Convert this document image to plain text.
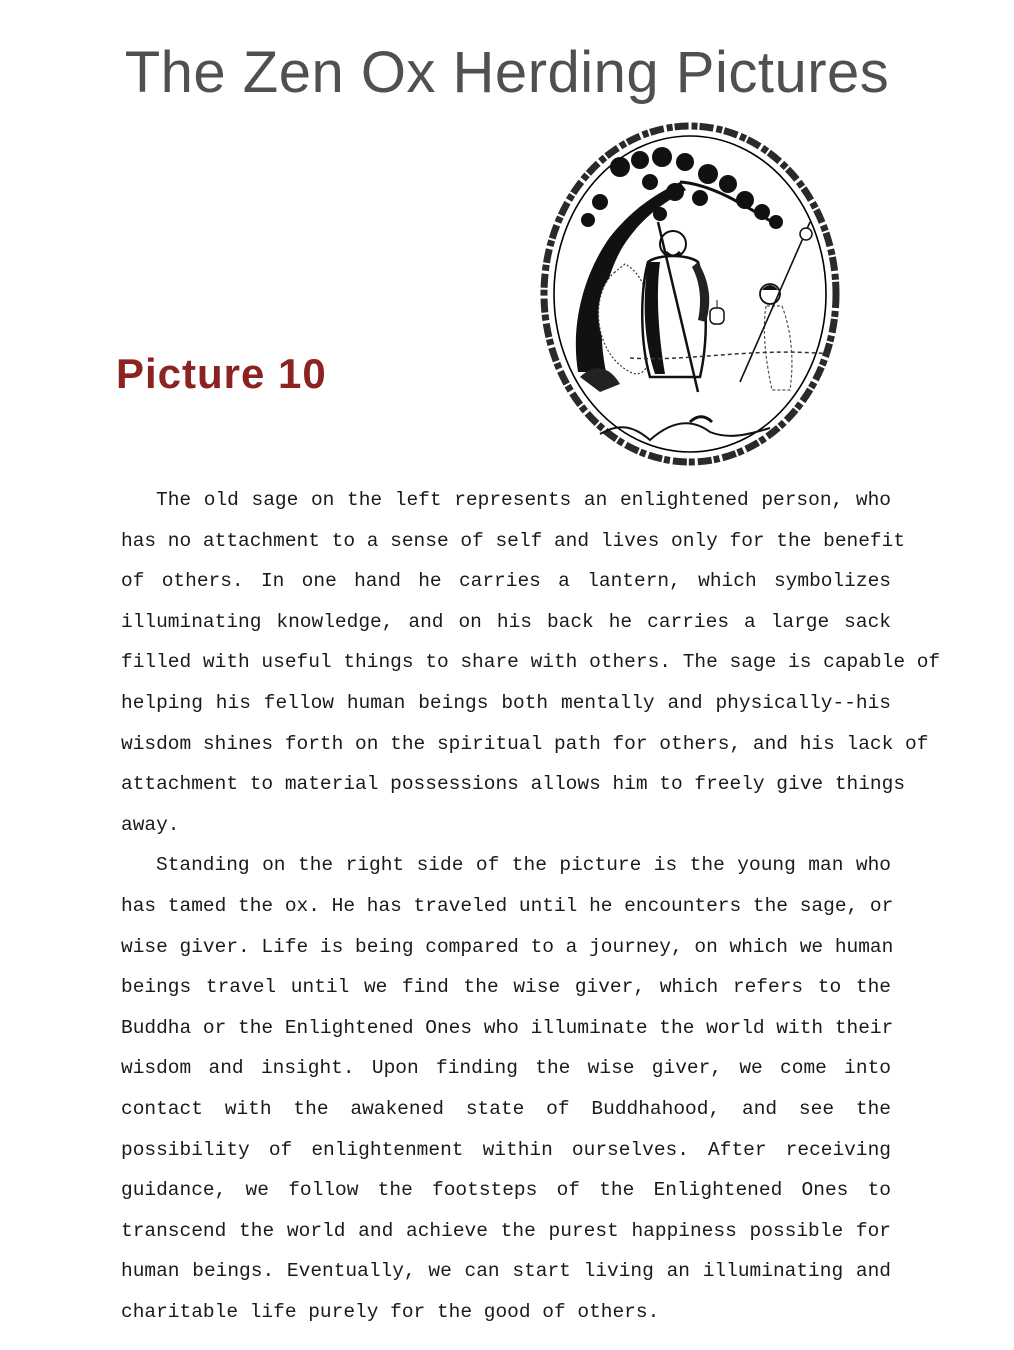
The Zen Ox Herding Pictures
Picture 10
The old sage on the left represents an enlightened person, who
has no attachment to a sense of self and lives only for the benefit
of others. In one hand he carries a lantern, which symbolizes
illuminating knowledge, and on his back he carries a large sack
filled with useful things to share with others. The sage is capable of
helping his fellow human beings both mentally and physically--his
wisdom shines forth on the spiritual path for others, and his lack of
attachment to material possessions allows him to freely give things
away.
Standing on the right side of the picture is the young man who
has tamed the ox. He has traveled until he encounters the sage, or
wise giver. Life is being compared to a journey, on which we human
beings travel until we find the wise giver, which refers to the
Buddha or the Enlightened Ones who illuminate the world with their
wisdom and insight. Upon finding the wise giver, we come into
contact with the awakened state of Buddhahood, and see the
possibility of enlightenment within ourselves. After receiving
guidance, we follow the footsteps of the Enlightened Ones to
transcend the world and achieve the purest happiness possible for
human beings. Eventually, we can start living an illuminating and
charitable life purely for the good of others.
